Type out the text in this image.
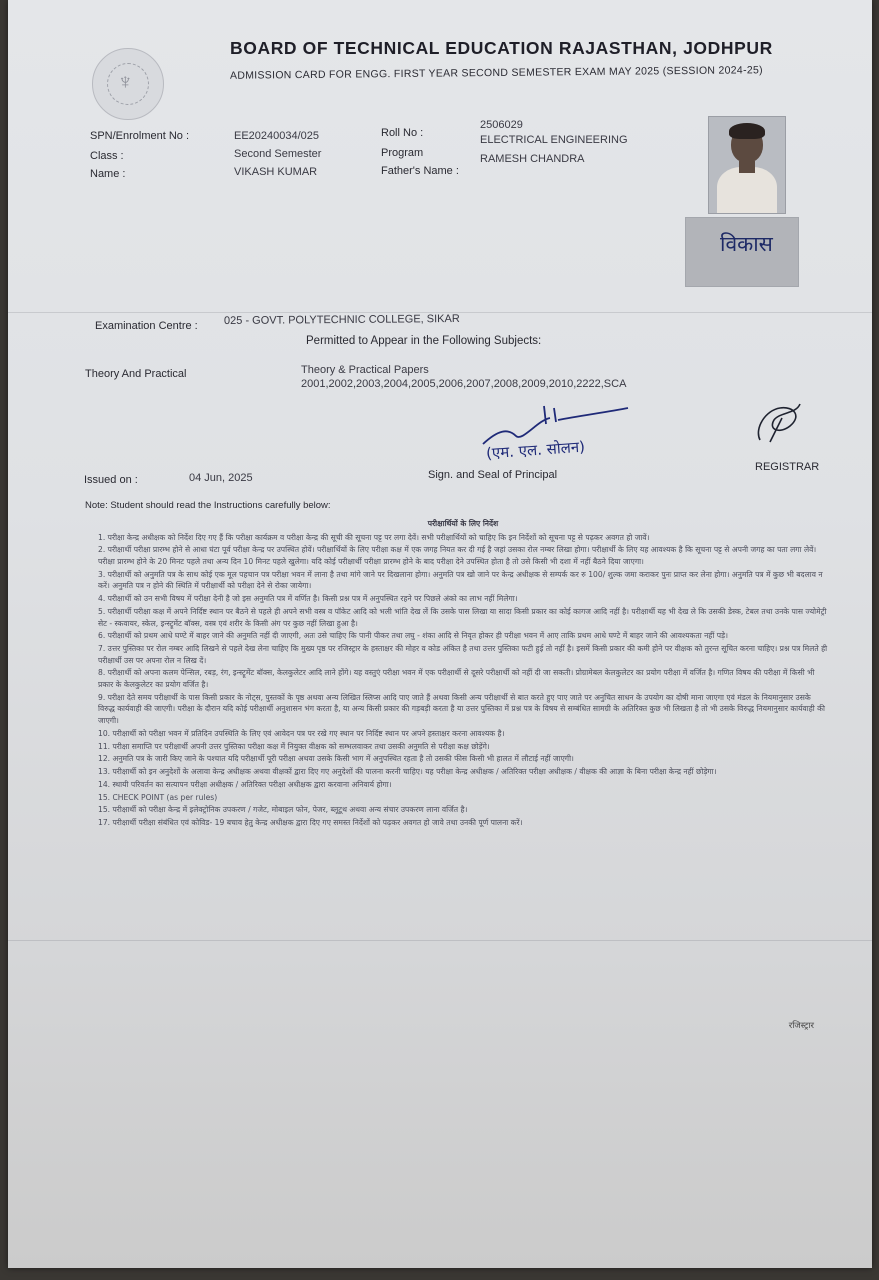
♆
BOARD OF TECHNICAL EDUCATION RAJASTHAN, JODHPUR
ADMISSION CARD FOR ENGG. FIRST YEAR SECOND SEMESTER EXAM MAY 2025 (SESSION 2024-25)
SPN/Enrolment No :	EE20240034/025
Class :	Second Semester
Name :	VIKASH KUMAR
Roll No :
2506029
Program
ELECTRICAL ENGINEERING
Father's Name :
RAMESH CHANDRA
विकास
Examination Centre : 025 - GOVT. POLYTECHNIC COLLEGE, SIKAR
Permitted to Appear in the Following Subjects:
Theory And Practical	Theory & Practical Papers
2001,2002,2003,2004,2005,2006,2007,2008,2009,2010,2222,SCA
(एम. एल. सोलन)
Sign. and Seal of Principal
REGISTRAR
Issued on :	04 Jun, 2025
Note: Student should read the Instructions carefully below:
परीक्षार्थियों के लिए निर्देश

1. परीक्षा केन्द्र अधीक्षक को निर्देश दिए गए हैं कि परीक्षा कार्यक्रम व परीक्षा केन्द्र की सूची की सूचना पट्ट पर लगा देवें। सभी परीक्षार्थियों को चाहिए कि इन निर्देशों को सूचना पट्ट से पढ़कर अवगत हो जावें।

2. परीक्षार्थी परीक्षा प्रारम्भ होने से आधा घंटा पूर्व परीक्षा केन्द्र पर उपस्थित होवें। परीक्षार्थियों के लिए परीक्षा कक्ष में एक जगह नियत कर दी गई है जहां उसका रोल नम्बर लिखा होगा। परीक्षार्थी के लिए यह आवश्यक है कि सूचना पट्ट से अपनी जगह का पता लगा लेवें। परीक्षा प्रारम्भ होने के 20 मिनट पहले तथा अन्य दिन 10 मिनट पहले खुलेगा। यदि कोई परीक्षार्थी परीक्षा प्रारम्भ होने के बाद परीक्षा देने उपस्थित होता है तो उसे किसी भी दशा में नहीं बैठने दिया जाएगा।

3. परीक्षार्थी को अनुमति पत्र के साथ कोई एक मूल पहचान पत्र परीक्षा भवन में लाना है तथा मांगे जाने पर दिखलाना होगा। अनुमति पत्र खो जाने पर केन्द्र अधीक्षक से सम्पर्क कर रु 100/ शुल्क जमा कराकर पुनः प्राप्त कर लेना होगा। अनुमति पत्र में कुछ भी बदलाव न करें। अनुमति पत्र न होने की स्थिति में परीक्षार्थी को परीक्षा देने से रोका जायेगा।

4. परीक्षार्थी को उन सभी विषय में परीक्षा देनी है जो इस अनुमति पत्र में वर्णित है। किसी प्रश्न पत्र में अनुपस्थित रहने पर पिछले अंको का लाभ नहीं मिलेगा।

5. परीक्षार्थी परीक्षा कक्ष में अपने निर्दिष्ट स्थान पर बैठने से पहले ही अपने सभी वस्त्र व पॉकेट आदि को भली भांति देख लें कि उसके पास लिखा या सादा किसी प्रकार का कोई कागज आदि नहीं है। परीक्षार्थी यह भी देख ले कि उसकी डेस्क, टेबल तथा उनके पास ज्योमेट्री सेट - स्कवायर, स्केल, इन्स्ट्रूमेंट बॉक्स, वस्त्र एवं शरीर के किसी अंग पर कुछ नहीं लिखा हुआ है।

6. परीक्षार्थी को प्रथम आधे घण्टे में बाहर जाने की अनुमति नहीं दी जाएगी, अतः उसे चाहिए कि पानी पीकर तथा लघु - शंका आदि से निवृत होकर ही परीक्षा भवन में आए ताकि प्रथम आधे घण्टे में बाहर जाने की आवश्यकता नहीं पड़े।

7. उत्तर पुस्तिका पर रोल नम्बर आदि लिखने से पहले देख लेना चाहिए कि मुख्य पृष्ठ पर रजिस्ट्रार के हस्ताक्षर की मोहर व कोड अंकित है तथा उत्तर पुस्तिका फटी हुई तो नहीं है। इसमें किसी प्रकार की कमी होने पर वीक्षक को तुरन्त सूचित करना चाहिए। प्रश्न पत्र मिलते ही परीक्षार्थी उस पर अपना रोल न लिख दें।

8. परीक्षार्थी को अपना कलम पेन्सिल, रबड़, रंग, इन्स्ट्रूमेंट बॉक्स, केलकुलेटर आदि लाने होंगे। यह वस्तुएं परीक्षा भवन में एक परीक्षार्थी से दूसरे परीक्षार्थी को नहीं दी जा सकती। प्रोग्रामेबल केलकुलेटर का प्रयोग परीक्षा में वर्जित है। गणित विषय की परीक्षा में किसी भी प्रकार के केलकुलेटर का प्रयोग वर्जित है।

9. परीक्षा देते समय परीक्षार्थी के पास किसी प्रकार के नोट्स, पुस्तकों के पृष्ठ अथवा अन्य लिखित स्लिप्स आदि पाए जाते हैं अथवा किसी अन्य परीक्षार्थी से बात करते हुए पाए जाते पर अनुचित साधन के उपयोग का दोषी माना जाएगा एवं मंडल के नियमानुसार उसके विरुद्ध कार्यवाही की जाएगी। परीक्षा के दौरान यदि कोई परीक्षार्थी अनुशासन भंग करता है, या अन्य किसी प्रकार की गड़बड़ी करता है या उत्तर पुस्तिका में प्रश्न पत्र के विषय से सम्बंधित सामग्री के अतिरिक्त कुछ भी लिखता है तो भी उसके विरुद्ध नियमानुसार कार्यवाही की जाएगी।

10. परीक्षार्थी को परीक्षा भवन में प्रतिदिन उपस्थिति के लिए एवं आवेदन पत्र पर रखे गए स्थान पर निर्दिष्ट स्थान पर अपने हस्ताक्षर करना आवश्यक है।

11. परीक्षा समाप्ति पर परीक्षार्थी अपनी उत्तर पुस्तिका परीक्षा कक्ष में नियुक्त वीक्षक को सम्भलवाकर तथा उसकी अनुमति से परीक्षा कक्ष छोड़ेंगे।

12. अनुमति पत्र के जारी किए जाने के पश्चात यदि परीक्षार्थी पूरी परीक्षा अथवा उसके किसी भाग में अनुपस्थित रहता है तो उसकी फीस किसी भी हालत में लौटाई नहीं जाएगी।

13. परीक्षार्थी को इन अनुदेशों के अलावा केन्द्र अधीक्षक अथवा वीक्षकों द्वारा दिए गए अनुदेशों की पालना करनी चाहिए। यह परीक्षा केन्द्र अधीक्षक / अतिरिक्त परीक्षा अधीक्षक / वीक्षक की आज्ञा के बिना परीक्षा केन्द्र नहीं छोड़ेगा।

14. स्थायी परिवर्तन का सत्यापन परीक्षा अधीक्षक / अतिरिक्त परीक्षा अधीक्षक द्वारा करवाना अनिवार्य होगा।

15. CHECK POINT (as per rules)

15. परीक्षार्थी को परीक्षा केन्द्र में इलेक्ट्रोनिक उपकरण / गजेट, मोबाइल फोन, पेजर, ब्लूटूथ अथवा अन्य संचार उपकरण लाना वर्जित है।

17. परीक्षार्थी परीक्षा संबंधित एवं कोविड- 19 बचाव हेतु केन्द्र अधीक्षक द्वारा दिए गए समस्त निर्देशों को पढ़कर अवगत हो जावे तथा उनकी पूर्ण पालना करें।

रजिस्ट्रार
